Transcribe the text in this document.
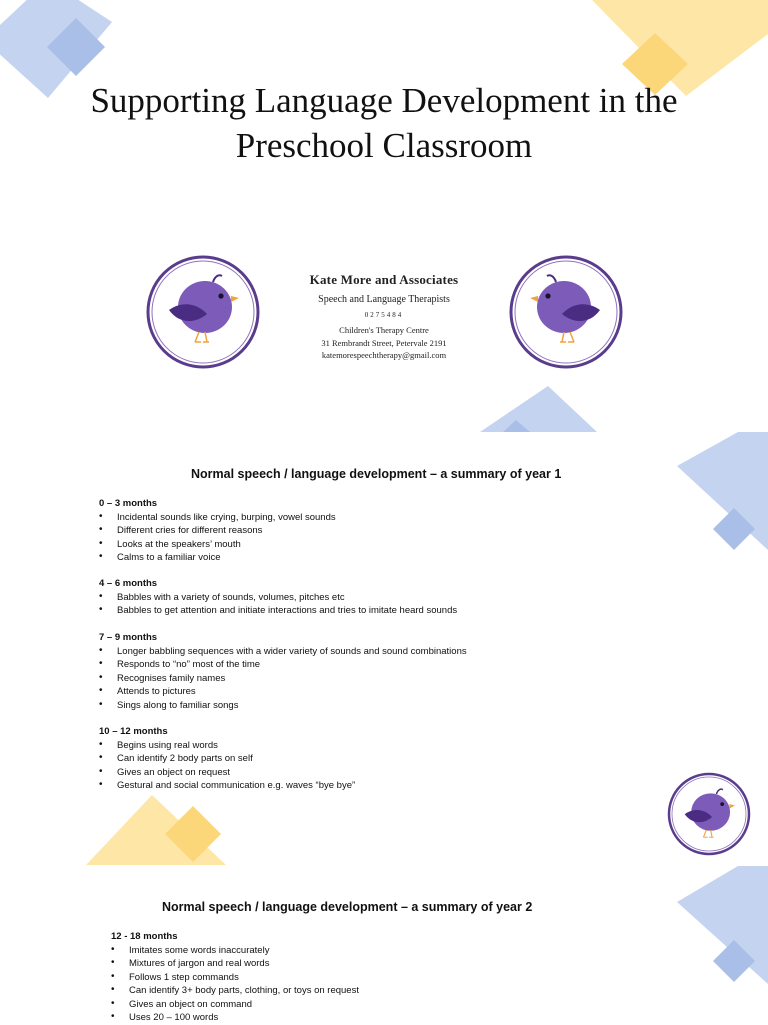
Supporting Language Development in the Preschool Classroom
Kate More and Associates
Speech and Language Therapists
0275484
Children's Therapy Centre
31 Rembrandt Street, Petervale 2191
katemorespeechtherapy@gmail.com
Normal speech / language development – a summary of year 1
0 – 3 months
• Incidental sounds like crying, burping, vowel sounds
• Different cries for different reasons
• Looks at the speakers’ mouth
• Calms to a familiar voice
4 – 6 months
• Babbles with a variety of sounds, volumes, pitches etc
• Babbles to get attention and initiate interactions and tries to imitate heard sounds
7 – 9 months
• Longer babbling sequences with a wider variety of sounds and sound combinations
• Responds to “no” most of the time
• Recognises family names
• Attends to pictures
• Sings along to familiar songs
10 – 12 months
• Begins using real words
• Can identify 2 body parts on self
• Gives an object on request
• Gestural and social communication e.g. waves “bye bye”
Normal speech / language development – a summary of year 2
12 - 18 months
• Imitates some words inaccurately
• Mixtures of jargon and real words
• Follows 1 step commands
• Can identify 3+ body parts, clothing, or toys on request
• Gives an object on command
• Uses 20 – 100 words
